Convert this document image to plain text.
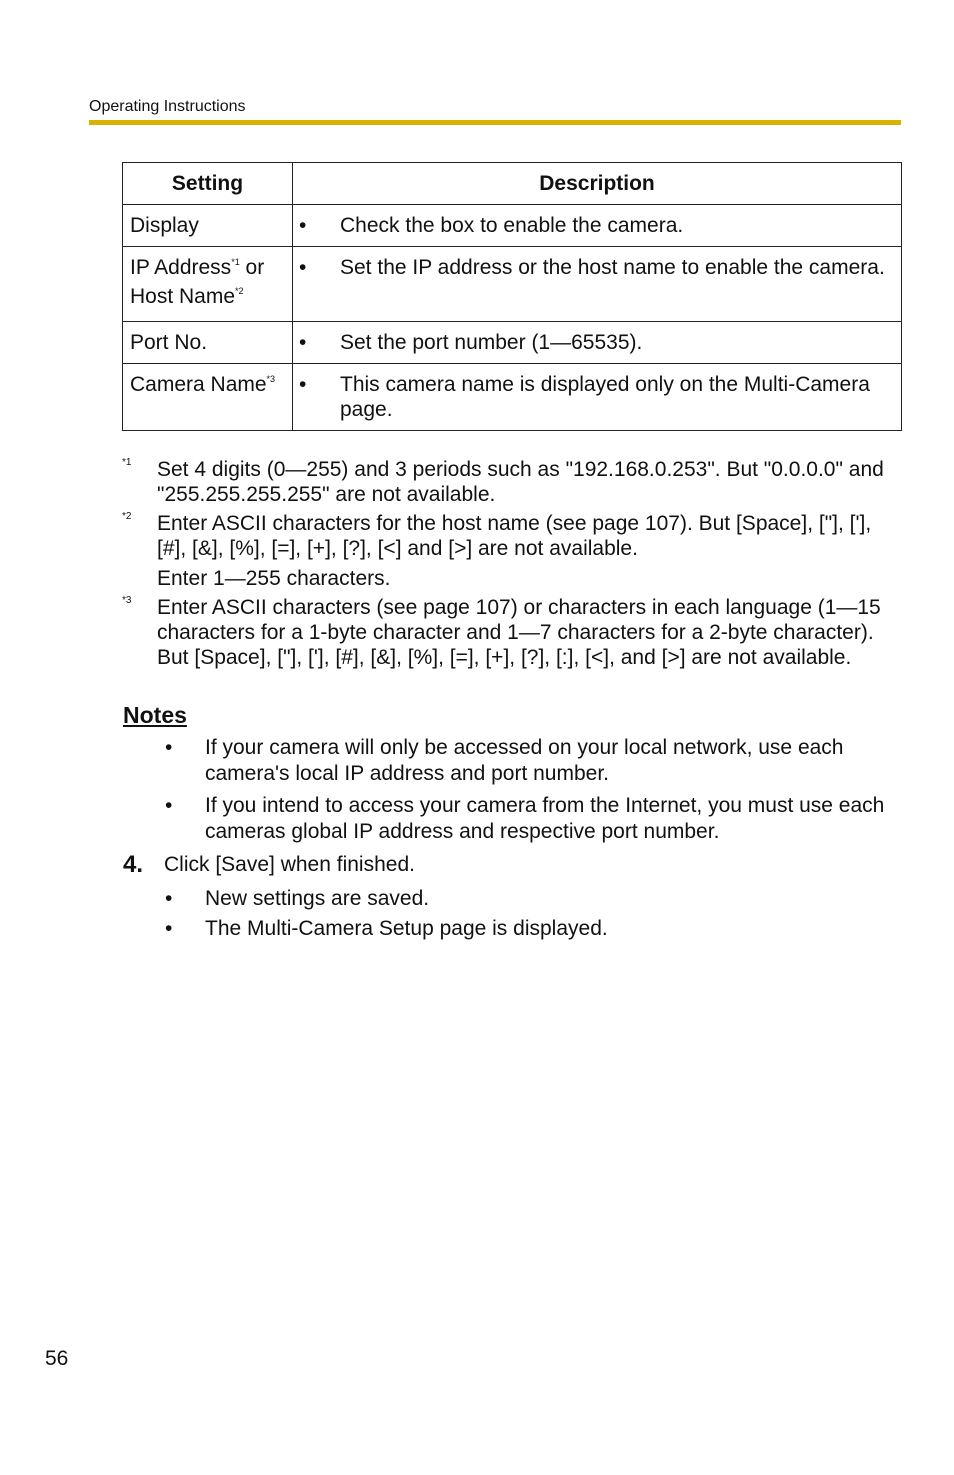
Operating Instructions
Setting	Description
Display	• Check the box to enable the camera.

IP Address$^{*1}$ or
Host Name$^{*2}$	• Set the IP address or the host name to enable the camera.

Port No.	• Set the port number (1—65535).

Camera Name$^{*3}$	• This camera name is displayed only on the Multi-Camera page.
*1 Set 4 digits (0—255) and 3 periods such as "192.168.0.253". But "0.0.0.0" and "255.255.255.255" are not available.
*2 Enter ASCII characters for the host name (see page 107). But [Space], ["], ['], [#], [&], [%], [=], [+], [?], [<] and [>] are not available.
Enter 1—255 characters.
*3 Enter ASCII characters (see page 107) or characters in each language (1—15 characters for a 1-byte character and 1—7 characters for a 2-byte character). But [Space], ["], ['], [#], [&], [%], [=], [+], [?], [:], [<], and [>] are not available.
Notes
•	If your camera will only be accessed on your local network, use each camera's local IP address and port number.
•	If you intend to access your camera from the Internet, you must use each cameras global IP address and respective port number.
4. Click [Save] when finished.
•	New settings are saved.
•	The Multi-Camera Setup page is displayed.
56
